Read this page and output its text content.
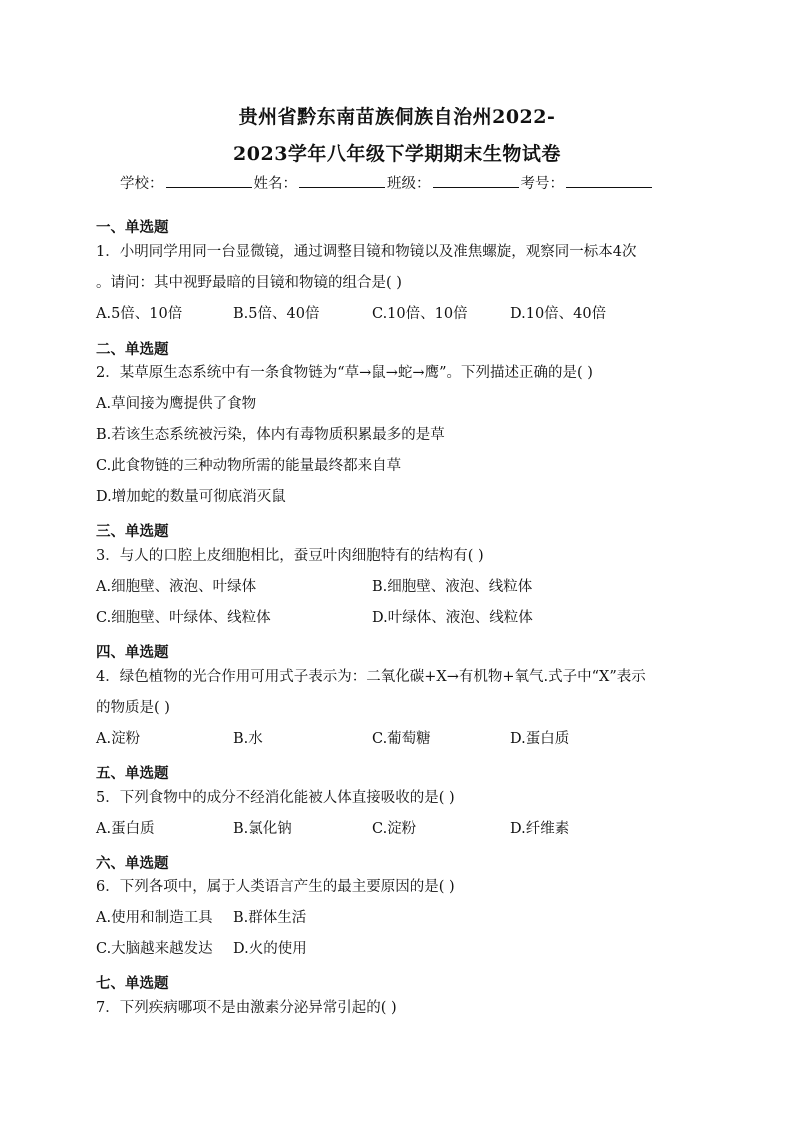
贵州省黔东南苗族侗族自治州2022-
2023学年八年级下学期期末生物试卷
学校：	姓名：	班级：	考号：
一、单选题
1．小明同学用同一台显微镜，通过调整目镜和物镜以及准焦螺旋，观察同一标本4次
。请问：其中视野最暗的目镜和物镜的组合是( )
A.5倍、10倍	B.5倍、40倍	C.10倍、10倍	D.10倍、40倍
二、单选题
2．某草原生态系统中有一条食物链为“草→鼠→蛇→鹰”。下列描述正确的是( )
A.草间接为鹰提供了食物
B.若该生态系统被污染，体内有毒物质积累最多的是草
C.此食物链的三种动物所需的能量最终都来自草
D.增加蛇的数量可彻底消灭鼠
三、单选题
3．与人的口腔上皮细胞相比，蚕豆叶肉细胞特有的结构有( )
A.细胞壁、液泡、叶绿体	B.细胞壁、液泡、线粒体
C.细胞壁、叶绿体、线粒体	D.叶绿体、液泡、线粒体
四、单选题
4．绿色植物的光合作用可用式子表示为：二氧化碳+X→有机物+氧气.式子中“X”表示
的物质是( )
A.淀粉	B.水	C.葡萄糖	D.蛋白质
五、单选题
5．下列食物中的成分不经消化能被人体直接吸收的是( )
A.蛋白质	B.氯化钠	C.淀粉	D.纤维素
六、单选题
6．下列各项中，属于人类语言产生的最主要原因的是( )
A.使用和制造工具 B.群体生活
C.大脑越来越发达 D.火的使用
七、单选题
7．下列疾病哪项不是由激素分泌异常引起的( )
